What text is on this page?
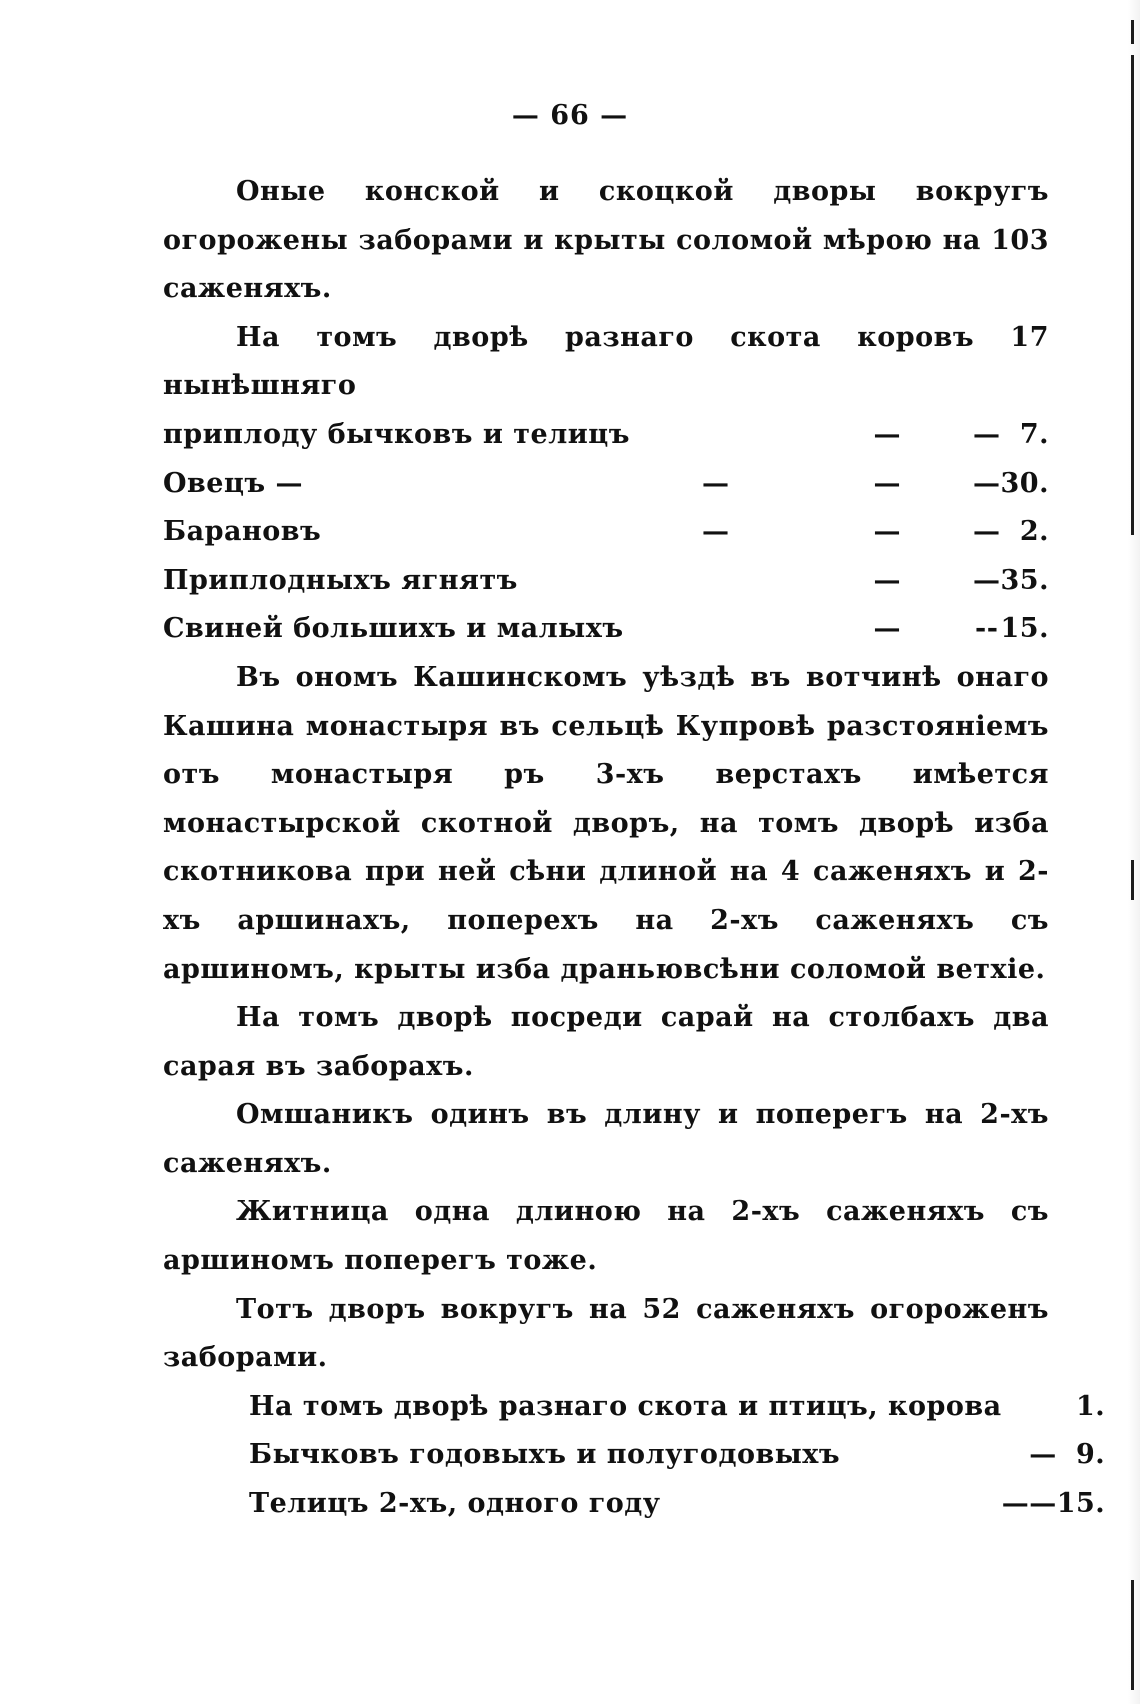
— 66 —

Оные конской и скоцкой дворы вокругъ огорожены заборами и крыты соломой мѣрою на 103 саженяхъ.

На томъ дворѣ разнаго скота коровъ 17 нынѣшняго

приплоду бычковъ и телицъ		—	—	7.
Овецъ —	—	—	—	30.
Барановъ	—	—	—	2.
Приплодныхъ ягнятъ		—	—	35.
Свиней большихъ и малыхъ		—	--	15.

Въ ономъ Кашинскомъ уѣздѣ въ вотчинѣ онаго Кашина монастыря въ сельцѣ Купровѣ разстояніемъ отъ монастыря ръ 3-хъ верстахъ имѣется монастырской скотной дворъ, на томъ дворѣ изба скотникова при ней сѣни длиной на 4 саженяхъ и 2-хъ аршинахъ, поперехъ на 2-хъ саженяхъ съ аршиномъ, крыты изба драньювсѣни соломой ветхіе.

На томъ дворѣ посреди сарай на столбахъ два сарая въ заборахъ.

Омшаникъ одинъ въ длину и поперегъ на 2-хъ саженяхъ.

Житница одна длиною на 2-хъ саженяхъ съ аршиномъ поперегъ тоже.

Тотъ дворъ вокругъ на 52 саженяхъ огороженъ заборами.

На томъ дворѣ разнаго скота и птицъ, корова			1.
Бычковъ годовыхъ и полугодовыхъ		—	9.
Телицъ 2-хъ, одного году	—	—	15.
